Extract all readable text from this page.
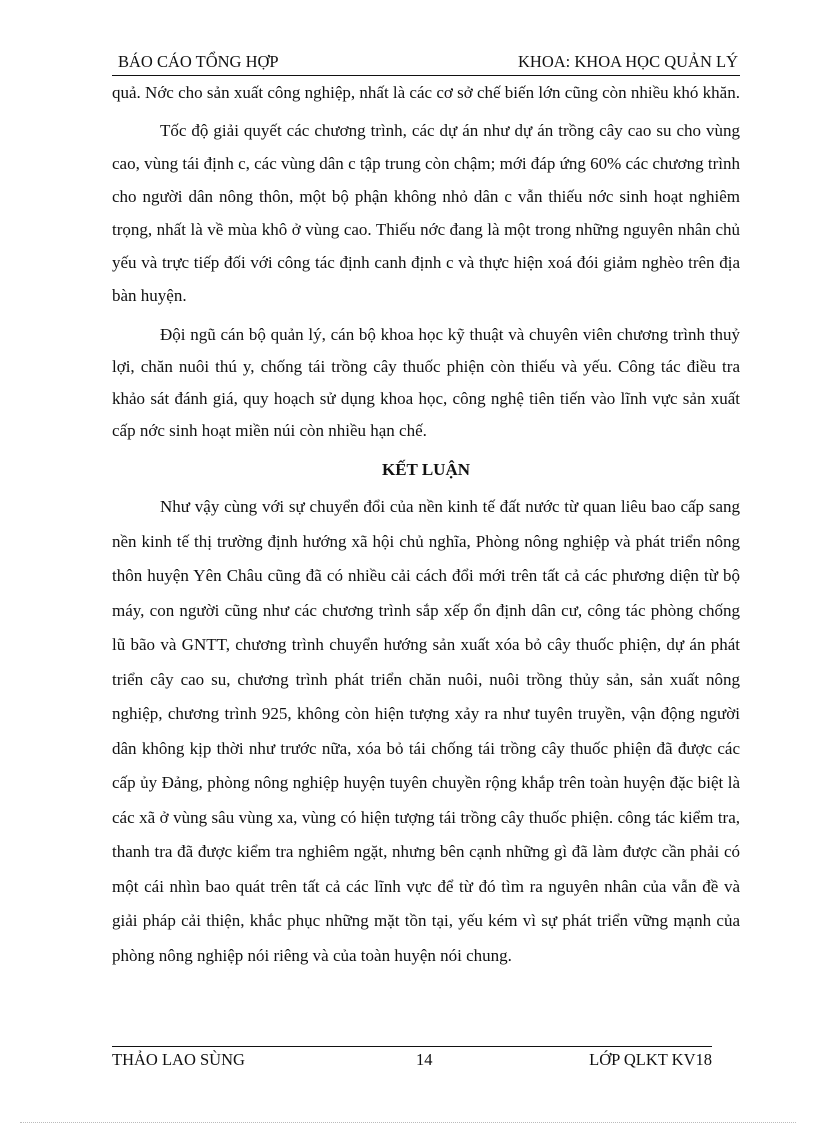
BÁO CÁO TỔNG HỢP	KHOA: KHOA HỌC QUẢN LÝ

quả. Nớc cho sản xuất công nghiệp, nhất là các cơ sở chế biến lớn cũng còn nhiều khó khăn.

Tốc độ giải quyết các chương trình, các dự án như dự án trồng cây cao su cho vùng cao, vùng tái định c, các vùng dân c tập trung còn chậm; mới đáp ứng 60% các chương trình cho người dân nông thôn, một bộ phận không nhỏ dân c vẫn thiếu nớc sinh hoạt nghiêm trọng, nhất là về mùa khô ở vùng cao. Thiếu nớc đang là một trong những nguyên nhân chủ yếu và trực tiếp đối với công tác định canh định c và thực hiện xoá đói giảm nghèo trên địa bàn huyện.

Đội ngũ cán bộ quản lý, cán bộ khoa học kỹ thuật và chuyên viên chương trình thuỷ lợi, chăn nuôi thú y, chống tái trồng cây thuốc phiện còn thiếu và yếu. Công tác điều tra khảo sát đánh giá, quy hoạch sử dụng khoa học, công nghệ tiên tiến vào lĩnh vực sản xuất cấp nớc sinh hoạt miền núi còn nhiều hạn chế.

KẾT LUẬN

Như vậy cùng với sự chuyển đổi của nền kinh tế đất nước từ quan liêu bao cấp sang nền kinh tế thị trường định hướng xã hội chủ nghĩa, Phòng nông nghiệp và phát triển nông thôn huyện Yên Châu cũng đã có nhiều cải cách đổi mới trên tất cả các phương diện từ bộ máy, con người cũng như các chương trình sắp xếp ổn định dân cư, công tác phòng chống lũ bão và GNTT, chương trình chuyển hướng sản xuất xóa bỏ cây thuốc phiện, dự án phát triển cây cao su, chương trình phát triển chăn nuôi, nuôi trồng thủy sản, sản xuất nông nghiệp, chương trình 925, không còn hiện tượng xảy ra như tuyên truyền, vận động người dân không kịp thời như trước nữa, xóa bỏ tái chống tái trồng cây thuốc phiện đã được các cấp ủy Đảng, phòng nông nghiệp huyện tuyên chuyền rộng khắp trên toàn huyện đặc biệt là các xã ở vùng sâu vùng xa, vùng có hiện tượng tái trồng cây thuốc phiện. công tác kiểm tra, thanh tra đã được kiểm tra nghiêm ngặt, nhưng bên cạnh những gì đã làm được cần phải có một cái nhìn bao quát trên tất cả các lĩnh vực để từ đó tìm ra nguyên nhân của vẫn đề và giải pháp cải thiện, khắc phục những mặt tồn tại, yếu kém vì sự phát triển vững mạnh của phòng nông nghiệp nói riêng và của toàn huyện nói chung.

THẢO LAO SÙNG	14	LỚP QLKT KV18
